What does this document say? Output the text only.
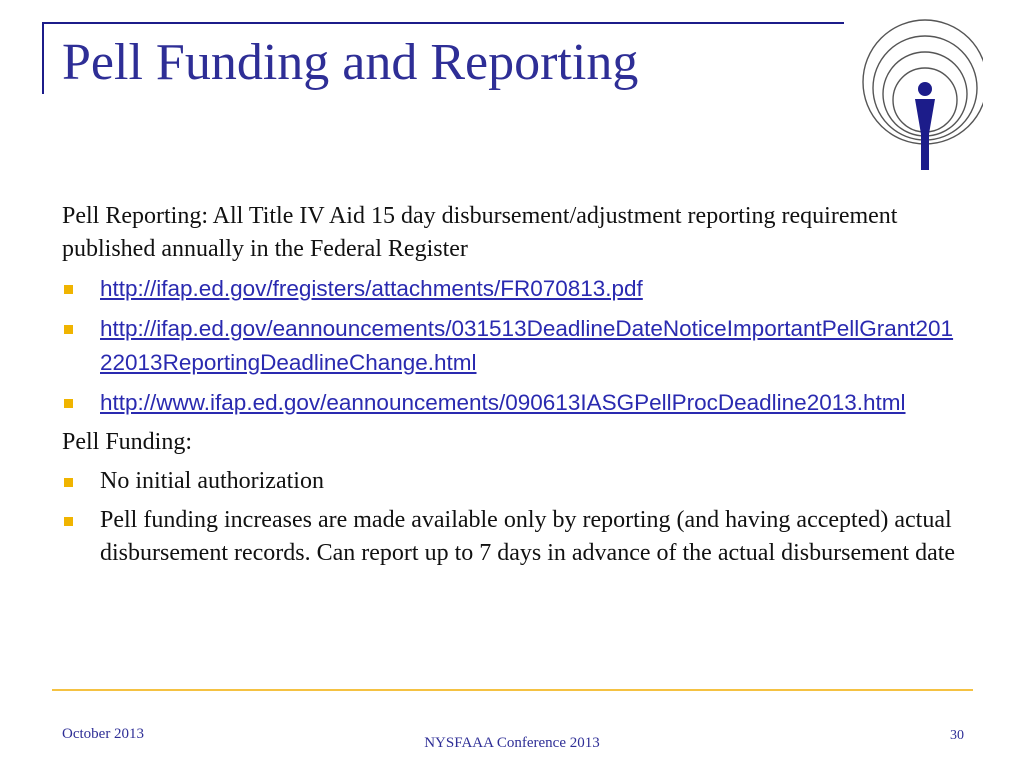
Pell Funding and Reporting

Pell Reporting: All Title IV Aid 15 day disbursement/adjustment reporting requirement published annually in the Federal Register

http://ifap.ed.gov/fregisters/attachments/FR070813.pdf
http://ifap.ed.gov/eannouncements/031513DeadlineDateNoticeImportantPellGrant20122013ReportingDeadlineChange.html
http://www.ifap.ed.gov/eannouncements/090613IASGPellProcDeadline2013.html

Pell Funding:

No initial authorization
Pell funding increases are made available only by reporting (and having accepted) actual disbursement records. Can report up to 7 days in advance of the actual disbursement date
October 2013
NYSFAAA Conference 2013	30
